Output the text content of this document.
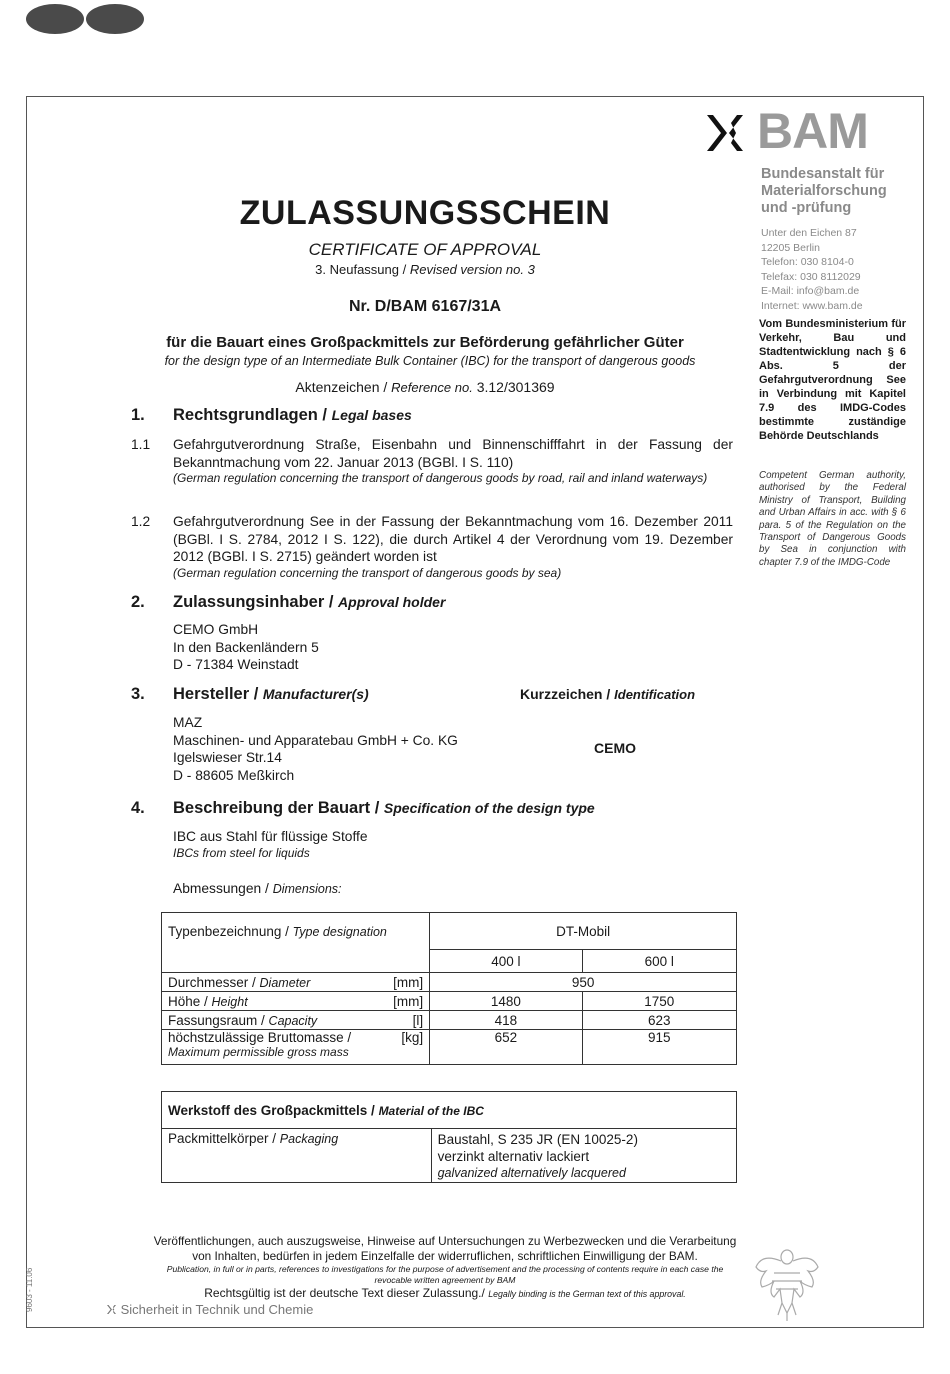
BAM
Bundesanstalt für
Materialforschung
und -prüfung
Unter den Eichen 87
12205 Berlin
Telefon: 030 8104-0
Telefax: 030 8112029
E-Mail: info@bam.de
Internet: www.bam.de
Vom Bundesministerium für Verkehr, Bau und Stadtentwicklung nach § 6 Abs. 5 der Gefahrgutverordnung See in Verbindung mit Kapitel 7.9 des IMDG-Codes bestimmte zuständige Behörde Deutschlands
Competent German authority, authorised by the Federal Ministry of Transport, Building and Urban Affairs in acc. with § 6 para. 5 of the Regulation on the Transport of Dangerous Goods by Sea in conjunction with chapter 7.9 of the IMDG-Code
ZULASSUNGSSCHEIN
CERTIFICATE OF APPROVAL
3. Neufassung / Revised version no. 3
Nr. D/BAM 6167/31A
für die Bauart eines Großpackmittels zur Beförderung gefährlicher Güter
for the design type of an Intermediate Bulk Container (IBC) for the transport of dangerous goods
Aktenzeichen / Reference no. 3.12/301369
1. Rechtsgrundlagen / Legal bases
1.1 Gefahrgutverordnung Straße, Eisenbahn und Binnenschifffahrt in der Fassung der Bekanntmachung vom 22. Januar 2013 (BGBl. I S. 110)
(German regulation concerning the transport of dangerous goods by road, rail and inland waterways)
1.2 Gefahrgutverordnung See in der Fassung der Bekanntmachung vom 16. Dezember 2011 (BGBl. I S. 2784, 2012 I S. 122), die durch Artikel 4 der Verordnung vom 19. Dezember 2012 (BGBl. I S. 2715) geändert worden ist
(German regulation concerning the transport of dangerous goods by sea)
2. Zulassungsinhaber / Approval holder
CEMO GmbH
In den Backenländern 5
D - 71384 Weinstadt
3. Hersteller / Manufacturer(s)	Kurzzeichen / Identification
MAZ
Maschinen- und Apparatebau GmbH + Co. KG
Igelswieser Str.14
D - 88605 Meßkirch
CEMO
4. Beschreibung der Bauart / Specification of the design type
IBC aus Stahl für flüssige Stoffe
IBCs from steel for liquids
Abmessungen / Dimensions:
Typenbezeichnung / Type designation		DT-Mobil	
		400 l	600 l
Durchmesser / Diameter	[mm]	950	
Höhe / Height	[mm]	1480	1750
Fassungsraum / Capacity	[l]	418	623

höchstzulässige Bruttomasse /
Maximum permissible gross mass	[kg]	652	915
Werkstoff des Großpackmittels / Material of the IBC
Packmittelkörper / Packaging	Baustahl, S 235 JR (EN 10025-2)
verzinkt alternativ lackiert
galvanized alternatively lacquered
Veröffentlichungen, auch auszugsweise, Hinweise auf Untersuchungen zu Werbezwecken und die Verarbeitung
von Inhalten, bedürfen in jedem Einzelfalle der widerruflichen, schriftlichen Einwilligung der BAM.
Publication, in full or in parts, references to investigations for the purpose of advertisement and the processing of contents require in each case the
revocable written agreement by BAM
Rechtsgültig ist der deutsche Text dieser Zulassung./ Legally binding is the German text of this approval.
9603 - 11.06	Sicherheit in Technik und Chemie
